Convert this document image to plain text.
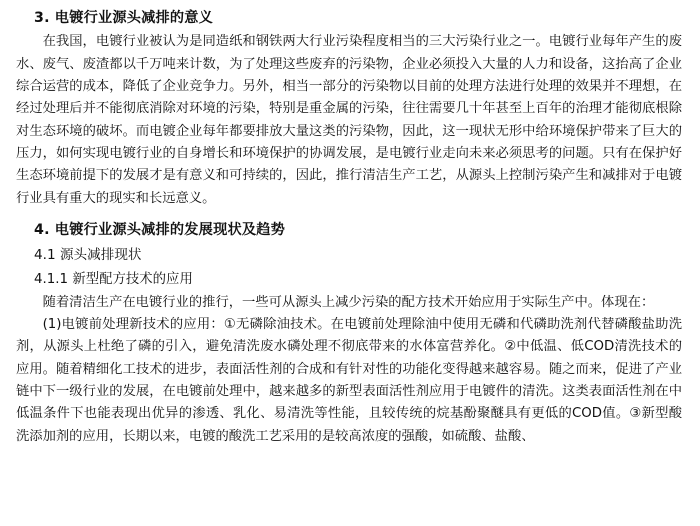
3. 电镀行业源头减排的意义

在我国，电镀行业被认为是同造纸和钢铁两大行业污染程度相当的三大污染行业之一。电镀行业每年产生的废水、废气、废渣都以千万吨来计数，为了处理这些废弃的污染物，企业必须投入大量的人力和设备，这抬高了企业综合运营的成本，降低了企业竞争力。另外，相当一部分的污染物以目前的处理方法进行处理的效果并不理想，在经过处理后并不能彻底消除对环境的污染，特别是重金属的污染，往往需要几十年甚至上百年的治理才能彻底根除对生态环境的破坏。而电镀企业每年都要排放大量这类的污染物，因此，这一现状无形中给环境保护带来了巨大的压力，如何实现电镀行业的自身增长和环境保护的协调发展，是电镀行业走向未来必须思考的问题。只有在保护好生态环境前提下的发展才是有意义和可持续的，因此，推行清洁生产工艺，从源头上控制污染产生和减排对于电镀行业具有重大的现实和长远意义。

4. 电镀行业源头减排的发展现状及趋势
4.1 源头减排现状
4.1.1 新型配方技术的应用

随着清洁生产在电镀行业的推行，一些可从源头上减少污染的配方技术开始应用于实际生产中。体现在：

(1)电镀前处理新技术的应用：①无磷除油技术。在电镀前处理除油中使用无磷和代磷助洗剂代替磷酸盐助洗剂，从源头上杜绝了磷的引入，避免清洗废水磷处理不彻底带来的水体富营养化。②中低温、低COD清洗技术的应用。随着精细化工技术的进步，表面活性剂的合成和有针对性的功能化变得越来越容易。随之而来，促进了产业链中下一级行业的发展，在电镀前处理中，越来越多的新型表面活性剂应用于电镀件的清洗。这类表面活性剂在中低温条件下也能表现出优异的渗透、乳化、易清洗等性能，且较传统的烷基酚聚醚具有更低的COD值。③新型酸洗添加剂的应用，长期以来，电镀的酸洗工艺采用的是较高浓度的强酸，如硫酸、盐酸、
